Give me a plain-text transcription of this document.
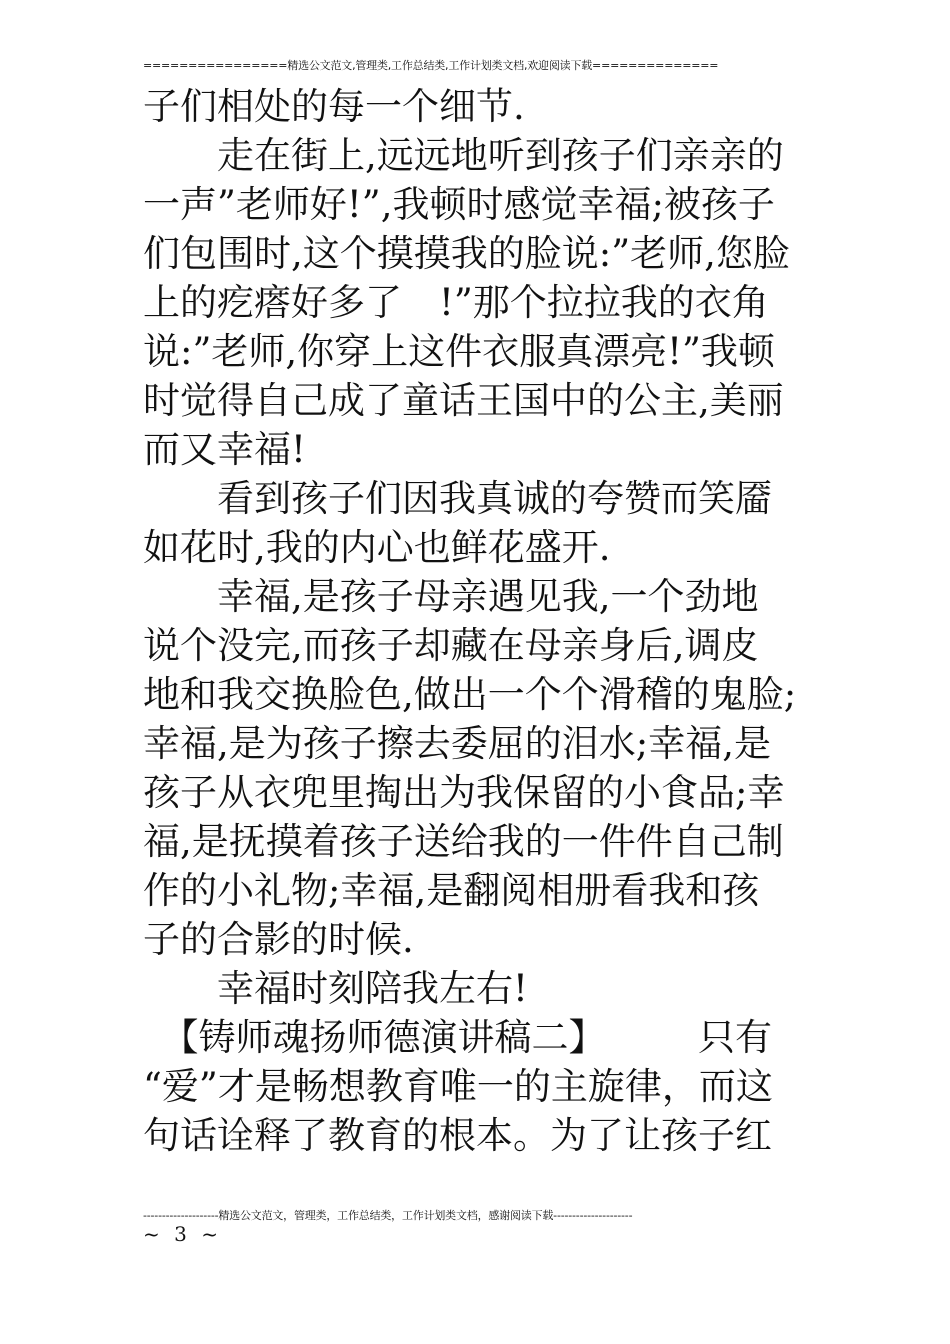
================精选公文范文,管理类,工作总结类,工作计划类文档,欢迎阅读下载==============
子们相处的每一个细节.
　　走在街上,远远地听到孩子们亲亲的
一声”老师好!”,我顿时感觉幸福;被孩子
们包围时,这个摸摸我的脸说:”老师,您脸
上的疙瘩好多了　!”那个拉拉我的衣角
说:”老师,你穿上这件衣服真漂亮!”我顿
时觉得自己成了童话王国中的公主,美丽
而又幸福!
　　看到孩子们因我真诚的夸赞而笑靥
如花时,我的内心也鲜花盛开.
　　幸福,是孩子母亲遇见我,一个劲地
说个没完,而孩子却藏在母亲身后,调皮
地和我交换脸色,做出一个个滑稽的鬼脸;
幸福,是为孩子擦去委屈的泪水;幸福,是
孩子从衣兜里掏出为我保留的小食品;幸
福,是抚摸着孩子送给我的一件件自己制
作的小礼物;幸福,是翻阅相册看我和孩
子的合影的时候.
　　幸福时刻陪我左右!
　【铸师魂扬师德演讲稿二】　　　只有
“爱”才是畅想教育唯一的主旋律，而这
句话诠释了教育的根本。为了让孩子红
--------------------精选公文范文，管理类，工作总结类，工作计划类文档，感谢阅读下载---------------------
~ 3 ~
